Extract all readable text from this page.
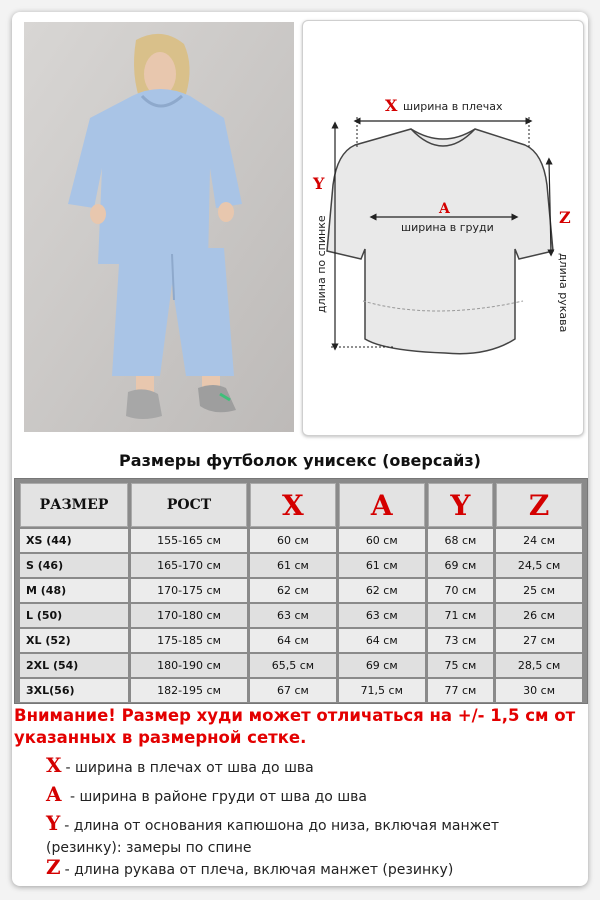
X ширина в плечах
A
ширина в груди
Y
длина по спинке	Z
длина рукава
Размеры футболок унисекс (оверсайз)
РАЗМЕР	РОСТ	X	A	Y	Z
XS (44)	155-165 см	60 см	60 см	68 см	24 см
S (46)	165-170 см	61 см	61 см	69 см	24,5 см
M (48)	170-175 см	62 см	62 см	70 см	25 см
L (50)	170-180 см	63 см	63 см	71 см	26 см
XL (52)	175-185 см	64 см	64 см	73 см	27 см
2XL (54)	180-190 см	65,5 см	69 см	75 см	28,5 см
3XL(56)	182-195 см	67 см	71,5 см	77 см	30 см
Внимание! Размер худи может отличаться на +/- 1,5 см от указанных в размерной сетке.
X - ширина в плечах от шва до шва
A - ширина в районе груди от шва до шва
Y - длина от основания капюшона до низа, включая манжет (резинку): замеры по спине
Z - длина рукава от плеча, включая манжет (резинку)
